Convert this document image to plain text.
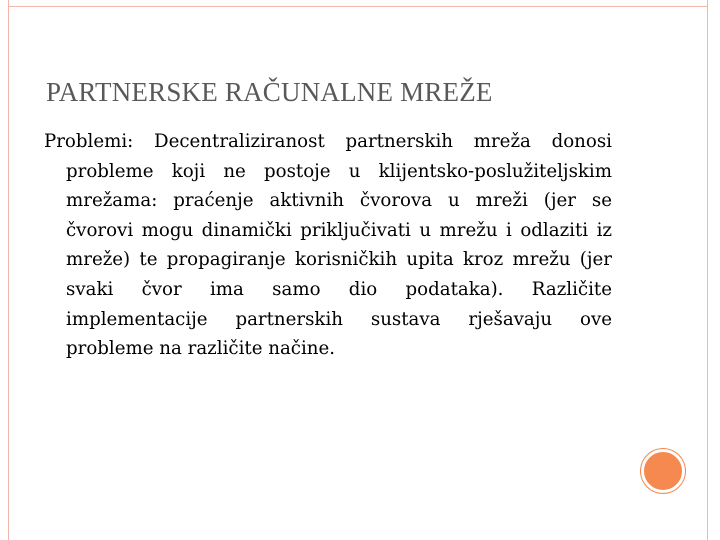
PARTNERSKE RAČUNALNE MREŽE

Problemi: Decentraliziranost partnerskih mreža donosi probleme koji ne postoje u klijentsko-poslužiteljskim mrežama: praćenje aktivnih čvorova u mreži (jer se čvorovi mogu dinamički priključivati u mrežu i odlaziti iz mreže) te propagiranje korisničkih upita kroz mrežu (jer svaki čvor ima samo dio podataka). Različite implementacije partnerskih sustava rješavaju ove probleme na različite načine.
